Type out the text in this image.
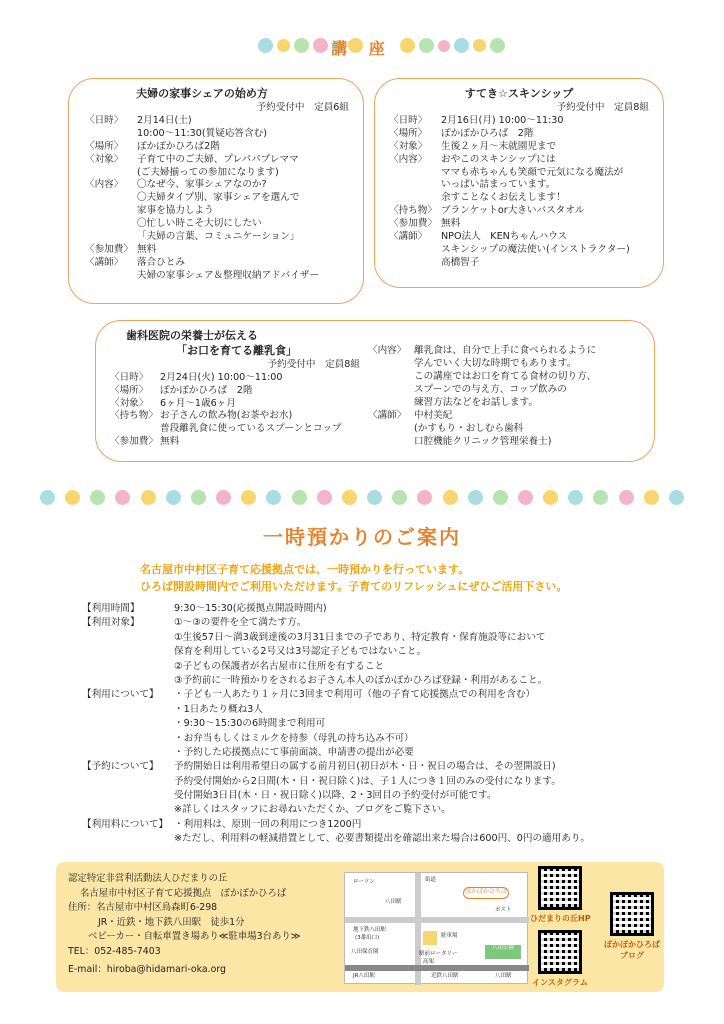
講 座
夫婦の家事シェアの始め方
予約受付中　定員6組
〈日時〉	2月14日(土)
10:00～11:30(質疑応答含む)
〈場所〉	ぽかぽかひろば2階
〈対象〉	子育て中のご夫婦、プレパパプレママ
(ご夫婦揃っての参加になります)
〈内容〉	〇なぜ今、家事シェアなのか?
〇夫婦タイプ別、家事シェアを選んで
家事を協力しよう
〇忙しい時こそ大切にしたい
「夫婦の言葉、コミュニケーション」
〈参加費〉 無料
〈講師〉	落合ひとみ
夫婦の家事シェア＆整理収納アドバイザー
すてき☆スキンシップ
予約受付中　定員8組
〈日時〉	2月16日(月) 10:00～11:30
〈場所〉	ぽかぽかひろば　2階
〈対象〉	生後２ヶ月～未就園児まで
〈内容〉	おやこのスキンシップには
ママも赤ちゃんも笑顔で元気になる魔法が
いっぱい詰まっています。
余すことなくお伝えします！
〈持ち物〉 ブランケットor大きいバスタオル
〈参加費〉 無料
〈講師〉	NPO法人　KENちゃんハウス
スキンシップの魔法使い(インストラクター)
高橋智子
歯科医院の栄養士が伝える
「お口を育てる離乳食」
予約受付中　定員8組
〈日時〉	2月24日(火) 10:00～11:00
〈場所〉	ぽかぽかひろば　2階
〈対象〉	6ヶ月～1歳6ヶ月
〈持ち物〉 お子さんの飲み物(お茶やお水)
普段離乳食に使っているスプーンとコップ
〈参加費〉 無料
〈内容〉 離乳食は、自分で上手に食べられるように
学んでいく大切な時期でもあります。
この講座ではお口を育てる食材の切り方、
スプーンでの与え方、コップ飲みの
練習方法などをお話します。
〈講師〉 中村美紀
(かすもり・おしむら歯科
口腔機能クリニック管理栄養士)
一時預かりのご案内
名古屋市中村区子育て応援拠点では、一時預かりを行っています。
ひろば開設時間内でご利用いただけます。子育てのリフレッシュにぜひご活用下さい。
【利用時間】	9:30～15:30(応援拠点開設時間内)
【利用対象】	①～③の要件を全て満たす方。
①生後57日～満3歳到達後の3月31日までの子であり、特定教育・保育施設等において
保育を利用している2号又は3号認定子どもではないこと。
②子どもの保護者が名古屋市に住所を有すること
③予約前に一時預かりをされるお子さん本人のぽかぽかひろば登録・利用があること。
【利用について】	・子ども一人あたり１ヶ月に3回まで利用可（他の子育て応援拠点での利用を含む）
・1日あたり概ね3人
・9:30～15:30の6時間まで利用可
・お弁当もしくはミルクを持参（母乳の持ち込み不可）
・予約した応援拠点にて事前面談、申請書の提出が必要
【予約について】	予約開始日は利用希望日の属する前月初日(初日が木・日・祝日の場合は、その翌開設日)
予約受付開始から2日間(木・日・祝日除く)は、子１人につき１回のみの受付になります。
受付開始3日目(木・日・祝日除く)以降、2・3回目の予約受付が可能です。
※詳しくはスタッフにお尋ねいただくか、ブログをご覧下さい。
【利用料について】 ・利用料は、原則一回の利用につき1200円
※ただし、利用料の軽減措置として、必要書類提出を確認出来た場合は600円、0円の適用あり。
認定特定非営利活動法人ひだまりの丘
名古屋市中村区子育て応援拠点　ぽかぽかひろば
住所：名古屋市中村区鳥森町6-298
JR・近鉄・地下鉄八田駅　徒歩1分
ベビーカー・自転車置き場あり≪駐車場3台あり≫
TEL：052-485-7403
E-mail：hiroba@hidamari-oka.org
ぽかぽかひろば
ローソン	街道
八田駅
地下鉄八田駅
(3番出口)	駐車場
八田保育園	駅前ロータリー
八田公園
JR八田駅	近鉄八田駅	八田駅
ポスト
高架
ひだまりの丘HP
インスタグラム
ぽかぽかひろば
ブログ
